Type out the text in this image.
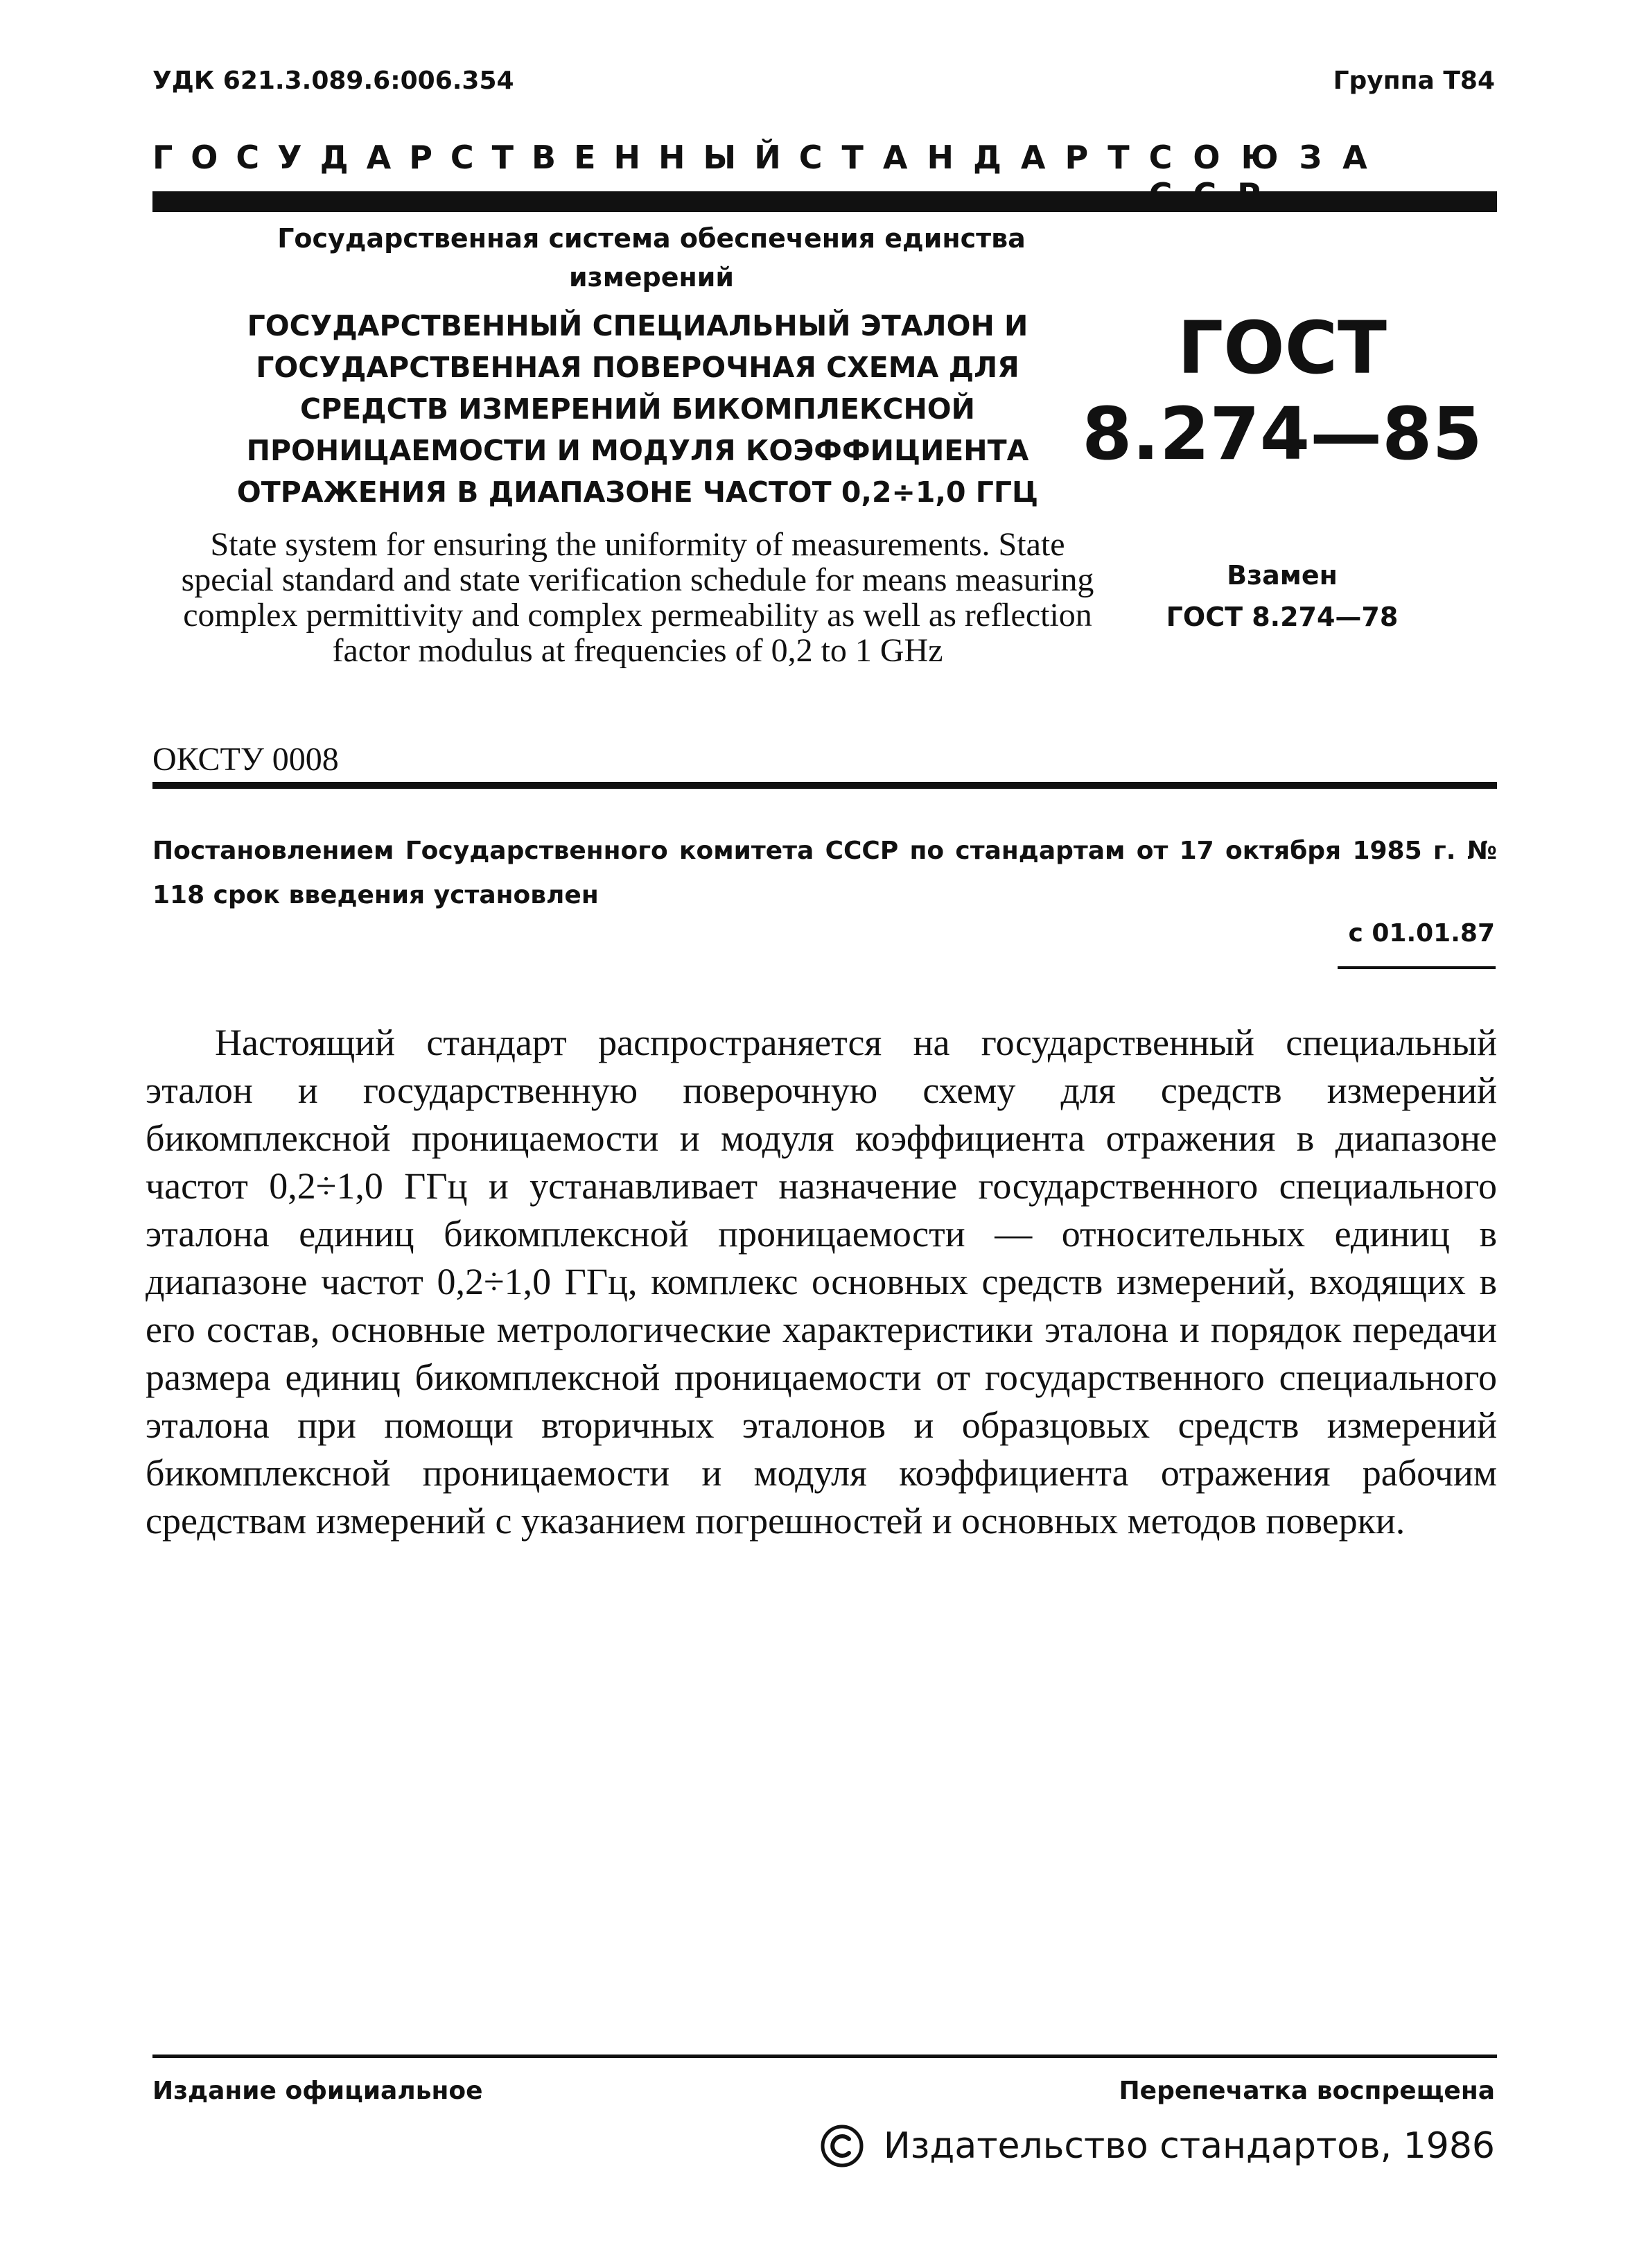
УДК 621.3.089.6:006.354	Группа Т84
ГОСУДАРСТВЕННЫЙ СТАНДАРТ СОЮЗА
Государственная система обеспечения единства измерений
ГОСУДАРСТВЕННЫЙ СПЕЦИАЛЬНЫЙ ЭТАЛОН И ГОСУДАРСТВЕННАЯ ПОВЕРОЧНАЯ СХЕМА ДЛЯ СРЕДСТВ ИЗМЕРЕНИЙ БИКОМПЛЕКСНОЙ ПРОНИЦАЕМОСТИ И МОДУЛЯ КОЭФФИЦИЕНТА ОТРАЖЕНИЯ В ДИАПАЗОНЕ ЧАСТОТ 0,2÷1,0 ГГЦ
State system for ensuring the uniformity of measurements. State special standard and state verification schedule for means measuring complex permittivity and complex permeability as well as reflection factor modulus at frequencies of 0,2 to 1 GHz
ОКСТУ 0008
ГОСТ
8.274—85
Взамен
ГОСТ 8.274—78
Постановлением Государственного комитета СССР по стандартам от 17 октября 1985 г. № 118 срок введения установлен
с 01.01.87

Настоящий стандарт распространяется на государственный специальный эталон и государственную поверочную схему для средств измерений бикомплексной проницаемости и модуля коэффициента отражения в диапазоне частот 0,2÷1,0 ГГц и устанавливает назначение государственного специального эталона единиц бикомплексной проницаемости — относительных единиц в диапазоне частот 0,2÷1,0 ГГц, комплекс основных средств измерений, входящих в его состав, основные метрологические характеристики эталона и порядок передачи размера единиц бикомплексной проницаемости от государственного специального эталона при помощи вторичных эталонов и образцовых средств измерений бикомплексной проницаемости и модуля коэффициента отражения рабочим средствам измерений с указанием погрешностей и основных методов поверки.

Издание официальное	Перепечатка воспрещена
Издательство стандартов, 1986
